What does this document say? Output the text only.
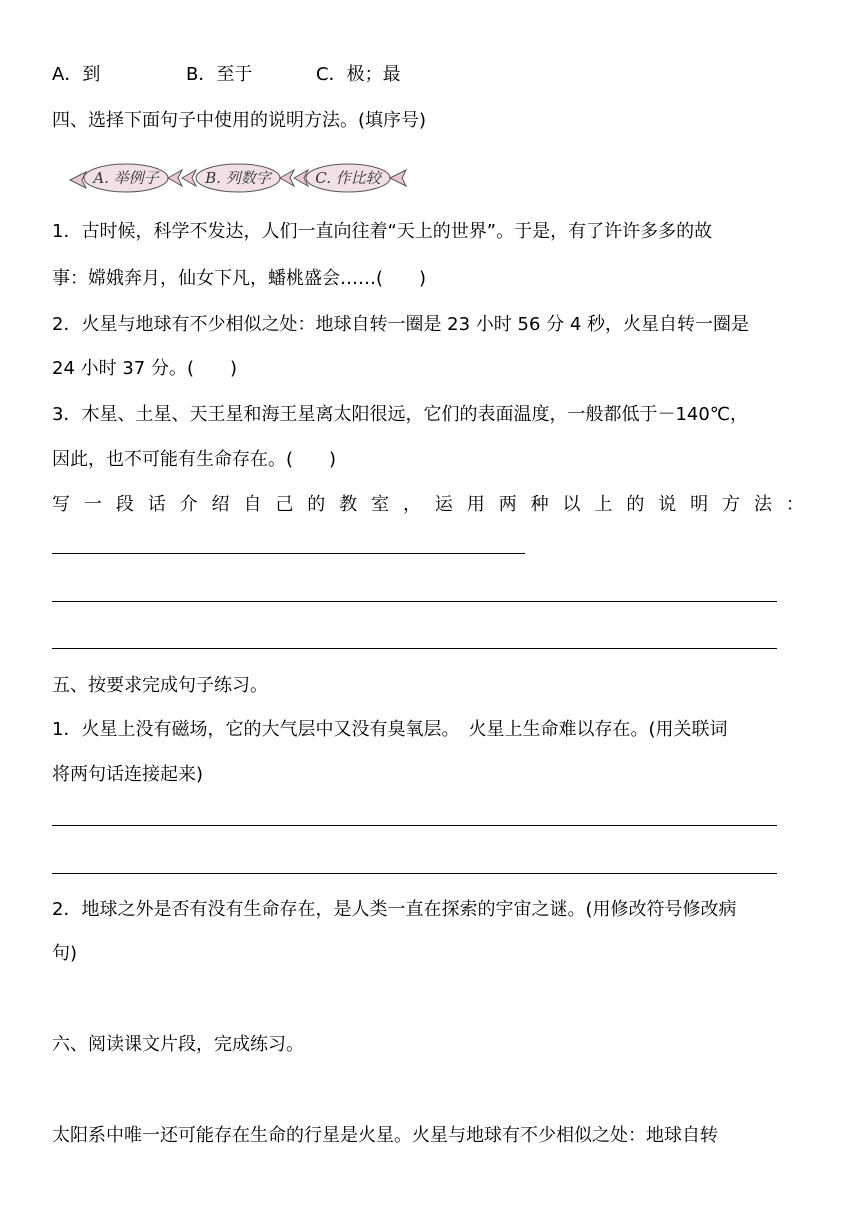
A．到	B．至于	C．极；最
四、选择下面句子中使用的说明方法。(填序号)
A. 举例子	B. 列数字	C. 作比较
1．古时候，科学不发达，人们一直向往着“天上的世界”。于是，有了许许多多的故
事：嫦娥奔月，仙女下凡，蟠桃盛会……(　　)
2．火星与地球有不少相似之处：地球自转一圈是 23 小时 56 分 4 秒，火星自转一圈是
24 小时 37 分。(　　)
3．木星、土星、天王星和海王星离太阳很远，它们的表面温度，一般都低于－140℃，
因此，也不可能有生命存在。(　　)
写 一 段 话 介 绍 自 己 的 教 室 ， 运 用 两 种 以 上 的 说 明 方 法 ：
五、按要求完成句子练习。
1．火星上没有磁场，它的大气层中又没有臭氧层。　火星上生命难以存在。(用关联词
将两句话连接起来)
2．地球之外是否有没有生命存在，是人类一直在探索的宇宙之谜。(用修改符号修改病
句)
六、阅读课文片段，完成练习。
太阳系中唯一还可能存在生命的行星是火星。火星与地球有不少相似之处：地球自转
